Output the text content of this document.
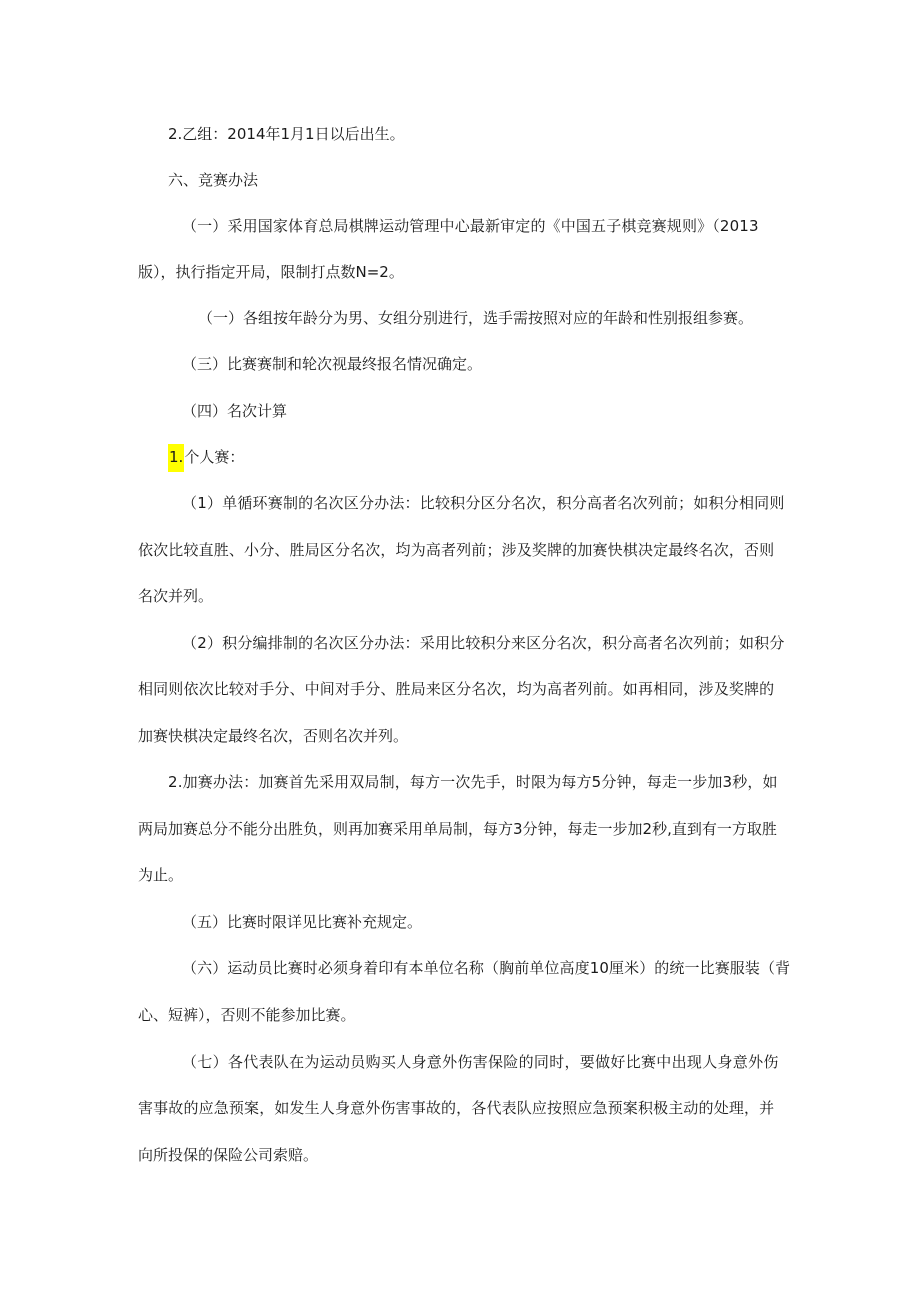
2.乙组：2014年1月1日以后出生。

六、竞赛办法

（一）采用国家体育总局棋牌运动管理中心最新审定的《中国五子棋竞赛规则》（2013

版），执行指定开局，限制打点数N=2。

（一）各组按年龄分为男、女组分别进行，选手需按照对应的年龄和性别报组参赛。

（三）比赛赛制和轮次视最终报名情况确定。

（四）名次计算

1.个人赛：

（1）单循环赛制的名次区分办法：比较积分区分名次，积分高者名次列前；如积分相同则

依次比较直胜、小分、胜局区分名次，均为高者列前；涉及奖牌的加赛快棋决定最终名次，否则

名次并列。

（2）积分编排制的名次区分办法：采用比较积分来区分名次，积分高者名次列前；如积分

相同则依次比较对手分、中间对手分、胜局来区分名次，均为高者列前。如再相同，涉及奖牌的

加赛快棋决定最终名次，否则名次并列。

2.加赛办法：加赛首先采用双局制，每方一次先手，时限为每方5分钟，每走一步加3秒，如

两局加赛总分不能分出胜负，则再加赛采用单局制，每方3分钟，每走一步加2秒,直到有一方取胜

为止。

（五）比赛时限详见比赛补充规定。

（六）运动员比赛时必须身着印有本单位名称（胸前单位高度10厘米）的统一比赛服装（背

心、短裤），否则不能参加比赛。

（七）各代表队在为运动员购买人身意外伤害保险的同时，要做好比赛中出现人身意外伤

害事故的应急预案，如发生人身意外伤害事故的，各代表队应按照应急预案积极主动的处理，并

向所投保的保险公司索赔。
